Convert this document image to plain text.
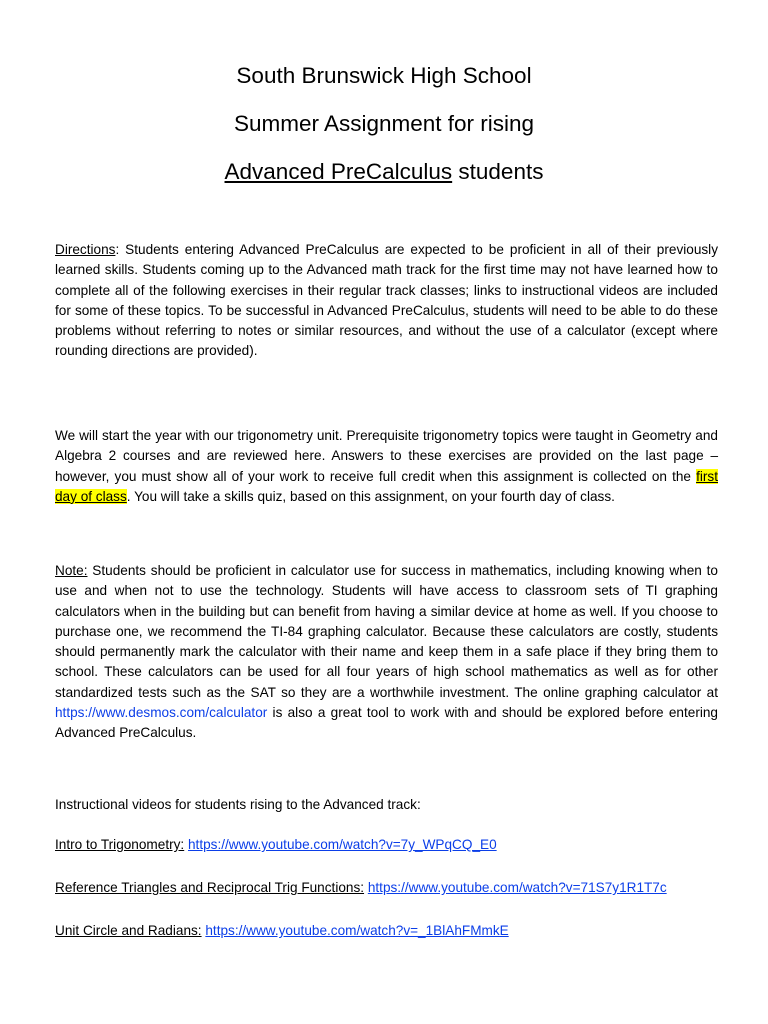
South Brunswick High School
Summer Assignment for rising
Advanced PreCalculus students
Directions: Students entering Advanced PreCalculus are expected to be proficient in all of their previously learned skills. Students coming up to the Advanced math track for the first time may not have learned how to complete all of the following exercises in their regular track classes; links to instructional videos are included for some of these topics. To be successful in Advanced PreCalculus, students will need to be able to do these problems without referring to notes or similar resources, and without the use of a calculator (except where rounding directions are provided).
We will start the year with our trigonometry unit. Prerequisite trigonometry topics were taught in Geometry and Algebra 2 courses and are reviewed here. Answers to these exercises are provided on the last page – however, you must show all of your work to receive full credit when this assignment is collected on the first day of class. You will take a skills quiz, based on this assignment, on your fourth day of class.
Note: Students should be proficient in calculator use for success in mathematics, including knowing when to use and when not to use the technology. Students will have access to classroom sets of TI graphing calculators when in the building but can benefit from having a similar device at home as well. If you choose to purchase one, we recommend the TI-84 graphing calculator. Because these calculators are costly, students should permanently mark the calculator with their name and keep them in a safe place if they bring them to school. These calculators can be used for all four years of high school mathematics as well as for other standardized tests such as the SAT so they are a worthwhile investment. The online graphing calculator at https://www.desmos.com/calculator is also a great tool to work with and should be explored before entering Advanced PreCalculus.
Instructional videos for students rising to the Advanced track:
Intro to Trigonometry: https://www.youtube.com/watch?v=7y_WPqCQ_E0
Reference Triangles and Reciprocal Trig Functions: https://www.youtube.com/watch?v=71S7y1R1T7c
Unit Circle and Radians: https://www.youtube.com/watch?v=_1BlAhFMmkE
